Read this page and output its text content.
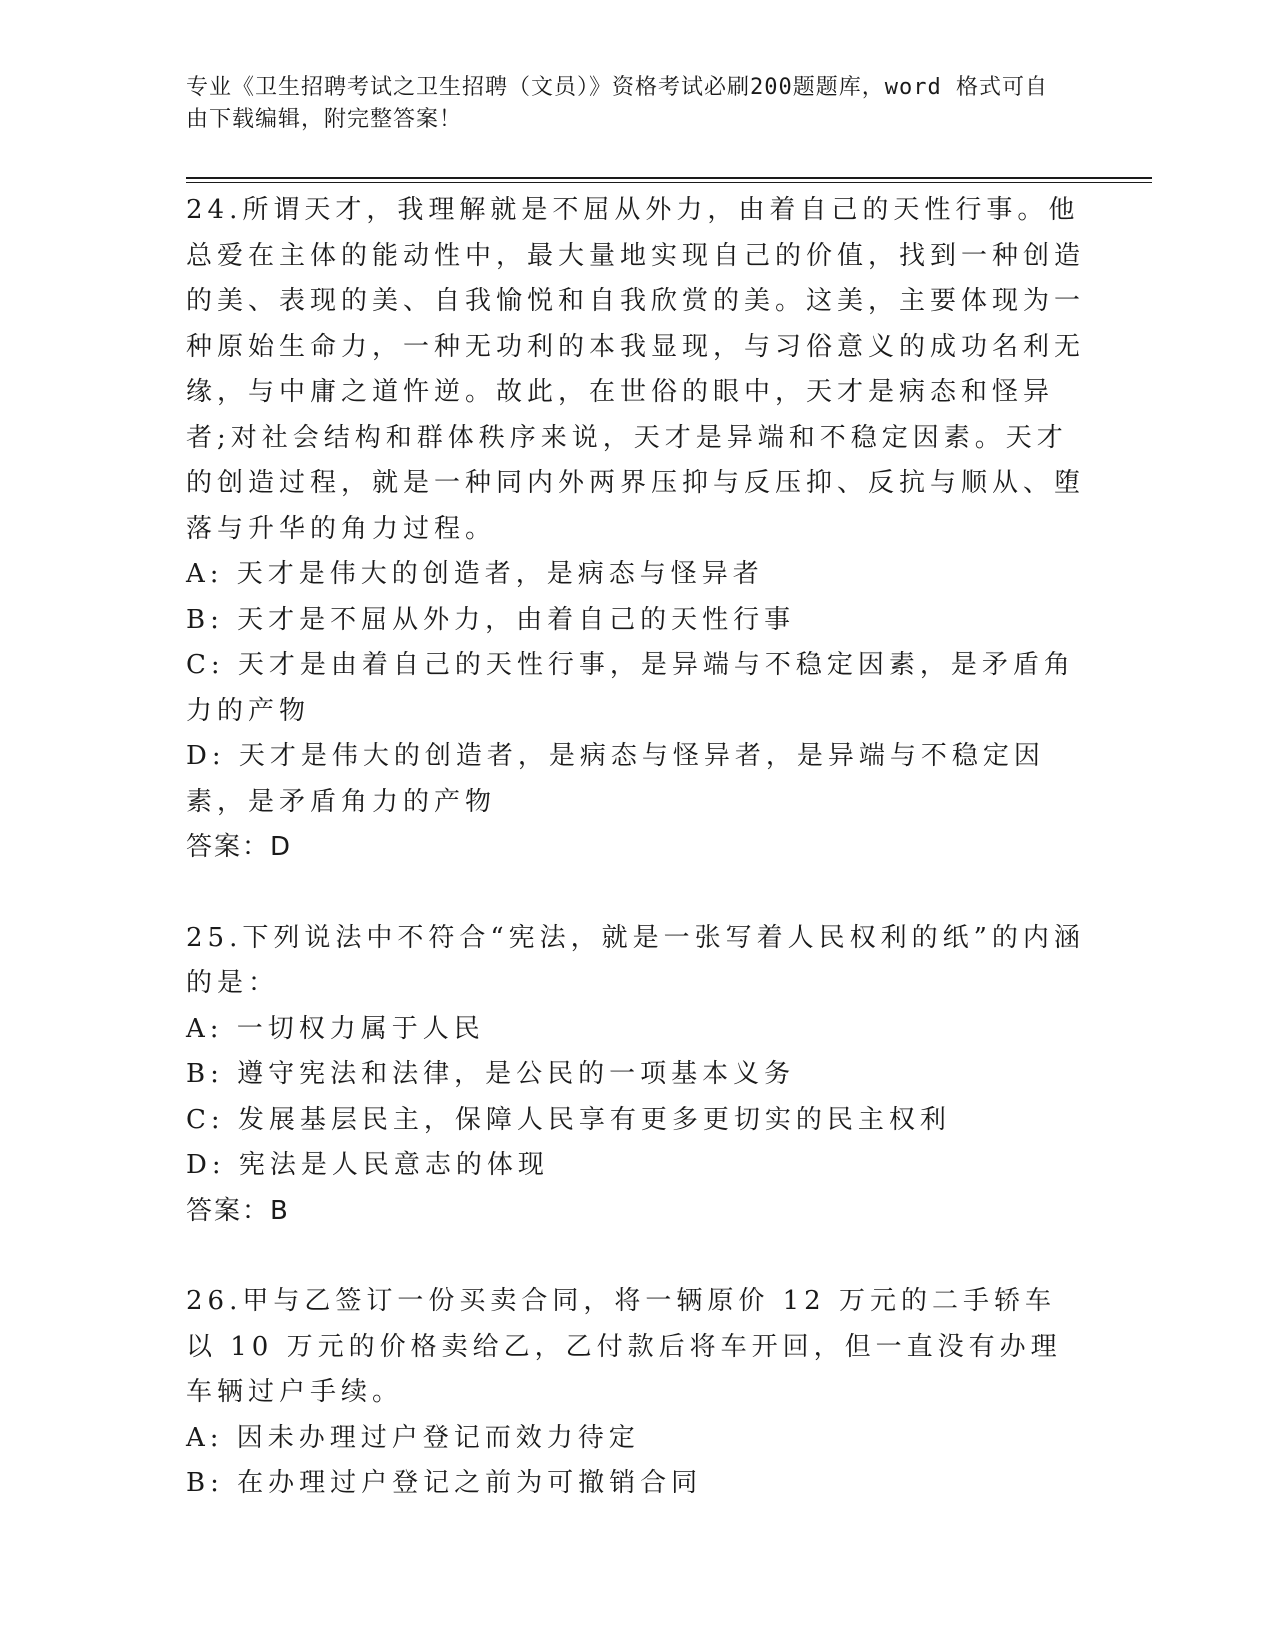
专业《卫生招聘考试之卫生招聘（文员）》资格考试必刷200题题库，word 格式可自由下载编辑，附完整答案！

24.所谓天才，我理解就是不屈从外力，由着自己的天性行事。他总爱在主体的能动性中，最大量地实现自己的价值，找到一种创造的美、表现的美、自我愉悦和自我欣赏的美。这美，主要体现为一种原始生命力，一种无功利的本我显现，与习俗意义的成功名利无缘，与中庸之道忤逆。故此，在世俗的眼中，天才是病态和怪异者;对社会结构和群体秩序来说，天才是异端和不稳定因素。天才的创造过程，就是一种同内外两界压抑与反压抑、反抗与顺从、堕落与升华的角力过程。

A: 天才是伟大的创造者，是病态与怪异者

B: 天才是不屈从外力，由着自己的天性行事

C: 天才是由着自己的天性行事，是异端与不稳定因素，是矛盾角力的产物

D: 天才是伟大的创造者，是病态与怪异者，是异端与不稳定因素，是矛盾角力的产物

答案：D

25.下列说法中不符合“宪法，就是一张写着人民权利的纸”的内涵的是：

A: 一切权力属于人民

B: 遵守宪法和法律，是公民的一项基本义务

C: 发展基层民主，保障人民享有更多更切实的民主权利

D: 宪法是人民意志的体现

答案：B

26.甲与乙签订一份买卖合同，将一辆原价 12 万元的二手轿车以 10 万元的价格卖给乙，乙付款后将车开回，但一直没有办理车辆过户手续。

A: 因未办理过户登记而效力待定

B: 在办理过户登记之前为可撤销合同
